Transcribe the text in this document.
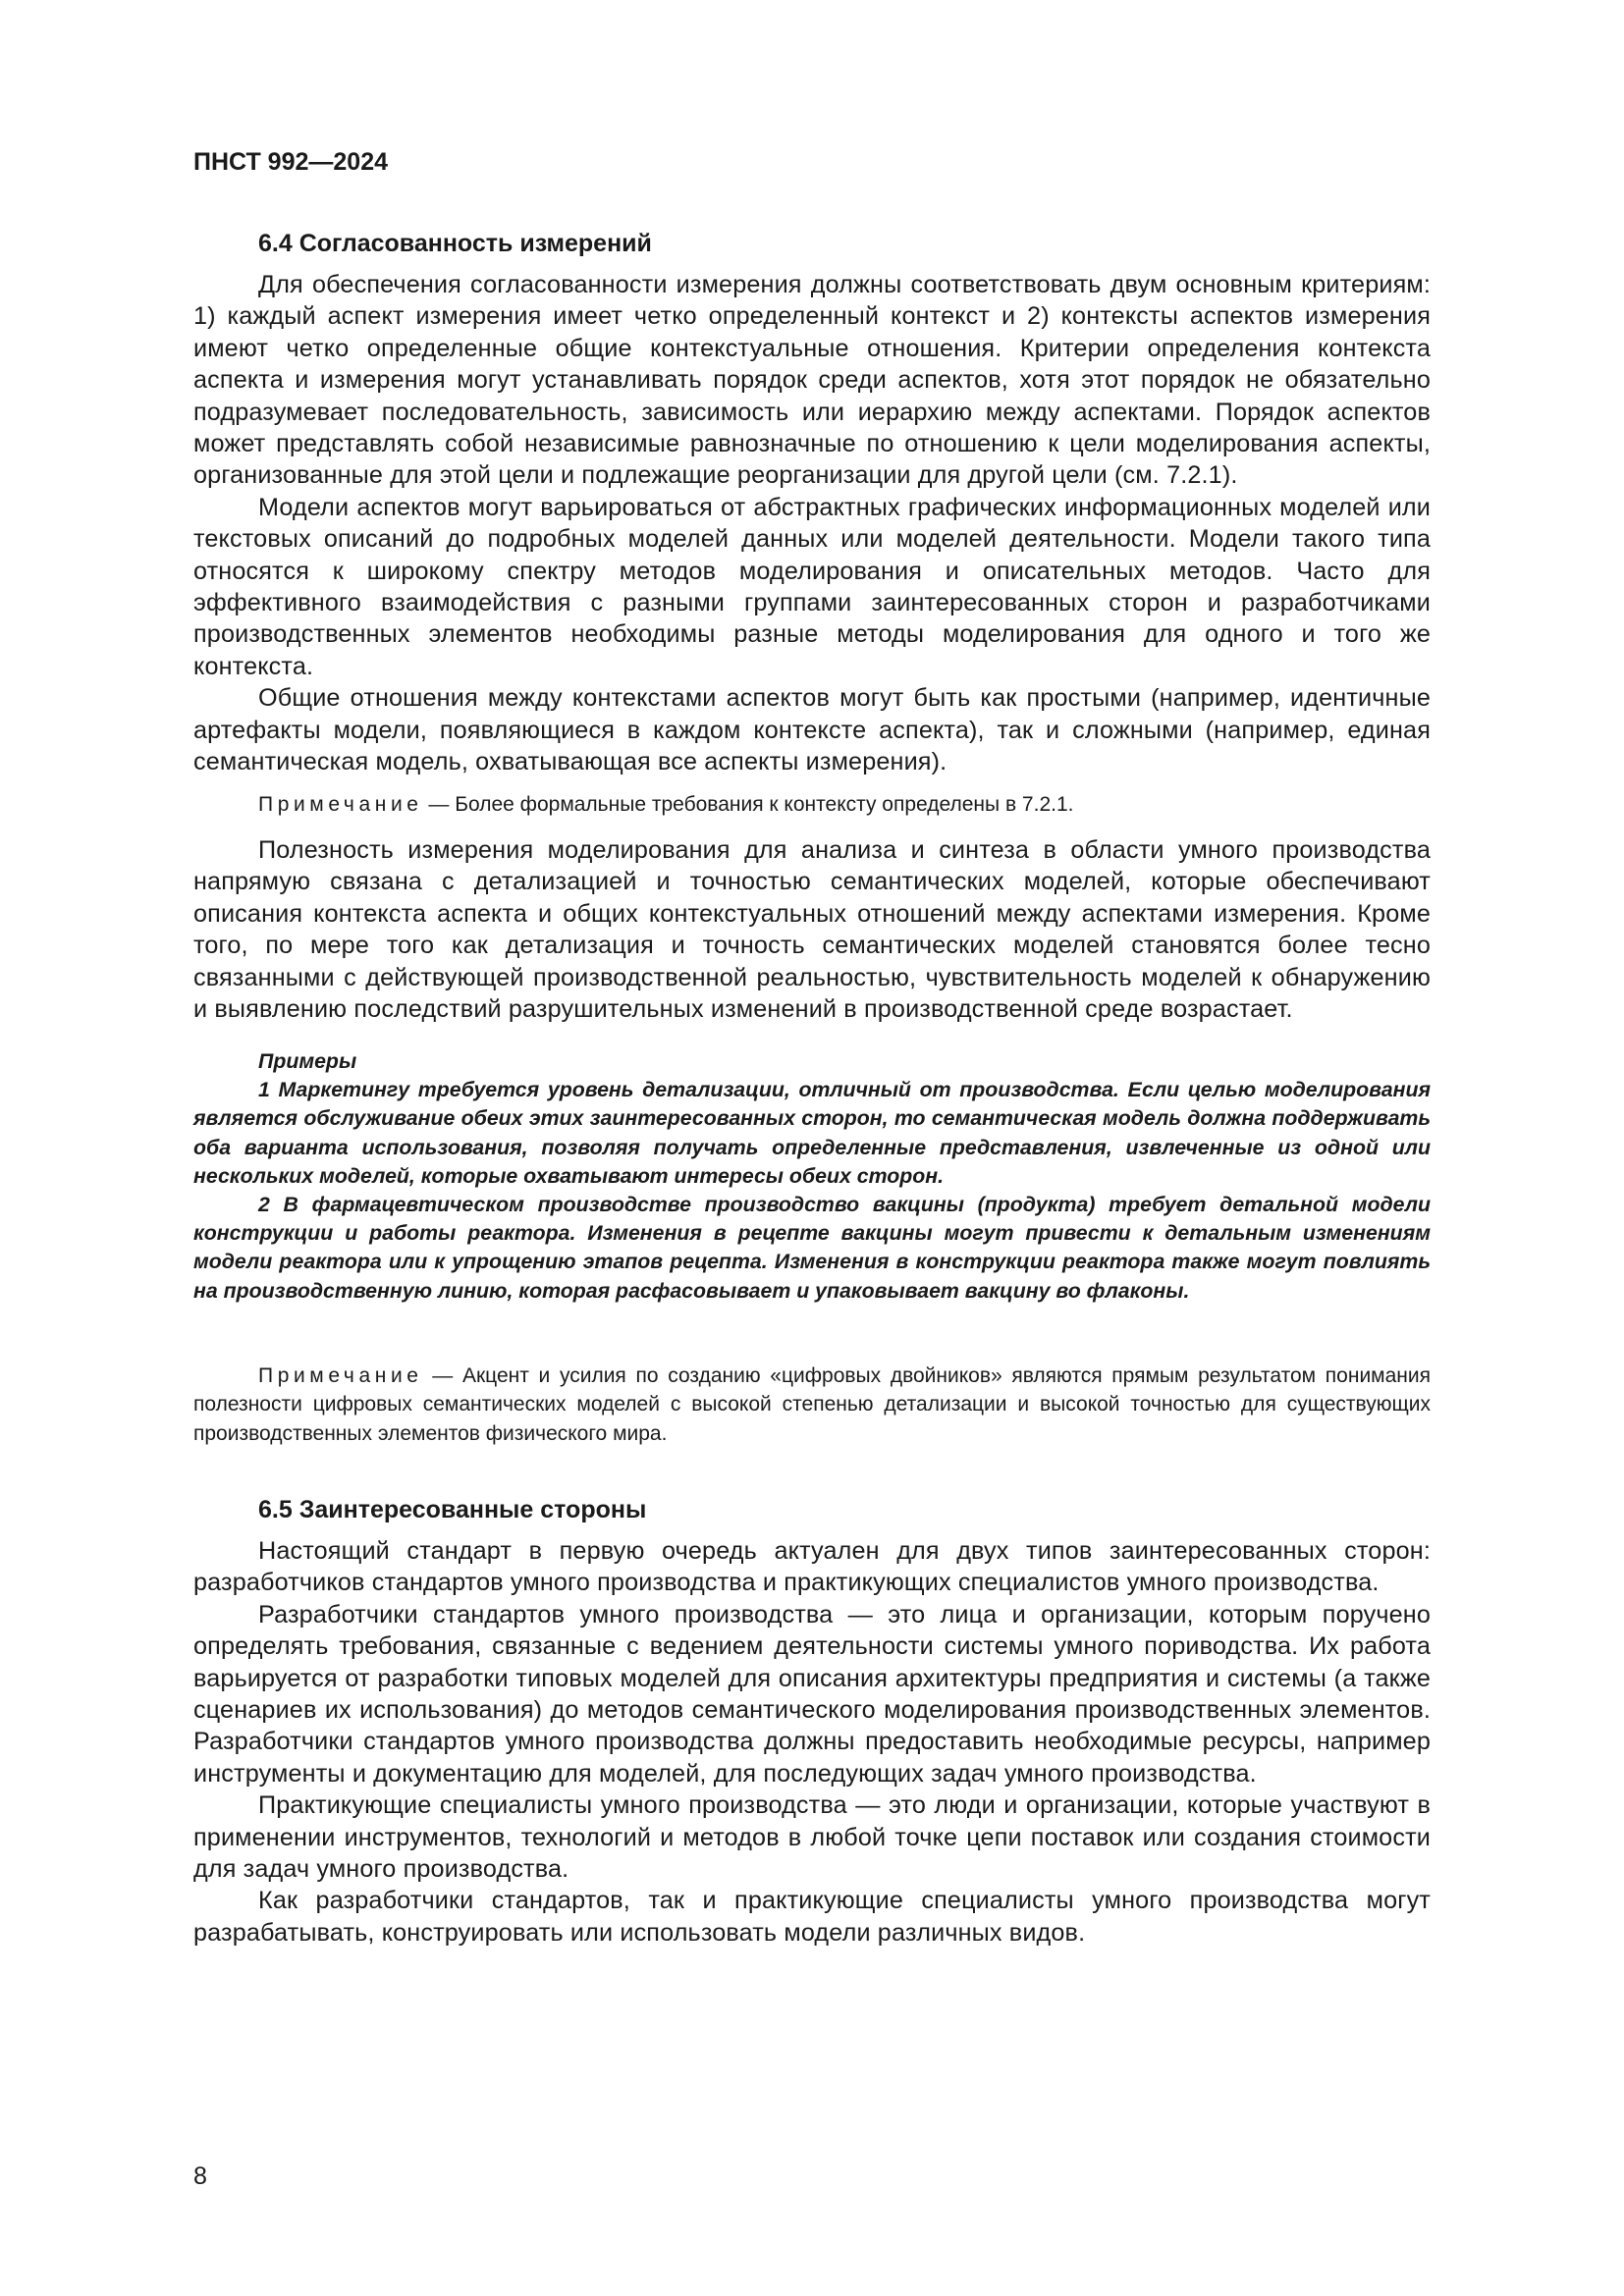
ПНСТ 992—2024
6.4 Согласованность измерений

Для обеспечения согласованности измерения должны соответствовать двум основным критериям: 1) каждый аспект измерения имеет четко определенный контекст и 2) контексты аспектов измерения имеют четко определенные общие контекстуальные отношения. Критерии определения контекста аспекта и измерения могут устанавливать порядок среди аспектов, хотя этот порядок не обязательно подразумевает последовательность, зависимость или иерархию между аспектами. Порядок аспектов может представлять собой независимые равнозначные по отношению к цели моделирования аспекты, организованные для этой цели и подлежащие реорганизации для другой цели (см. 7.2.1).

Модели аспектов могут варьироваться от абстрактных графических информационных моделей или текстовых описаний до подробных моделей данных или моделей деятельности. Модели такого типа относятся к широкому спектру методов моделирования и описательных методов. Часто для эффективного взаимодействия с разными группами заинтересованных сторон и разработчиками производственных элементов необходимы разные методы моделирования для одного и того же контекста.

Общие отношения между контекстами аспектов могут быть как простыми (например, идентичные артефакты модели, появляющиеся в каждом контексте аспекта), так и сложными (например, единая семантическая модель, охватывающая все аспекты измерения).

Примечание — Более формальные требования к контексту определены в 7.2.1.

Полезность измерения моделирования для анализа и синтеза в области умного производства напрямую связана с детализацией и точностью семантических моделей, которые обеспечивают описания контекста аспекта и общих контекстуальных отношений между аспектами измерения. Кроме того, по мере того как детализация и точность семантических моделей становятся более тесно связанными с действующей производственной реальностью, чувствительность моделей к обнаружению и выявлению последствий разрушительных изменений в производственной среде возрастает.

Примеры

1 Маркетингу требуется уровень детализации, отличный от производства. Если целью моделирования является обслуживание обеих этих заинтересованных сторон, то семантическая модель должна поддерживать оба варианта использования, позволяя получать определенные представления, извлеченные из одной или нескольких моделей, которые охватывают интересы обеих сторон.

2 В фармацевтическом производстве производство вакцины (продукта) требует детальной модели конструкции и работы реактора. Изменения в рецепте вакцины могут привести к детальным изменениям модели реактора или к упрощению этапов рецепта. Изменения в конструкции реактора также могут повлиять на производственную линию, которая расфасовывает и упаковывает вакцину во флаконы.

Примечание — Акцент и усилия по созданию «цифровых двойников» являются прямым результатом понимания полезности цифровых семантических моделей с высокой степенью детализации и высокой точностью для существующих производственных элементов физического мира.

6.5 Заинтересованные стороны

Настоящий стандарт в первую очередь актуален для двух типов заинтересованных сторон: разработчиков стандартов умного производства и практикующих специалистов умного производства.

Разработчики стандартов умного производства — это лица и организации, которым поручено определять требования, связанные с ведением деятельности системы умного пориводства. Их работа варьируется от разработки типовых моделей для описания архитектуры предприятия и системы (а также сценариев их использования) до методов семантического моделирования производственных элементов. Разработчики стандартов умного производства должны предоставить необходимые ресурсы, например инструменты и документацию для моделей, для последующих задач умного производства.

Практикующие специалисты умного производства — это люди и организации, которые участвуют в применении инструментов, технологий и методов в любой точке цепи поставок или создания стоимости для задач умного производства.

Как разработчики стандартов, так и практикующие специалисты умного производства могут разрабатывать, конструировать или использовать модели различных видов.

8
